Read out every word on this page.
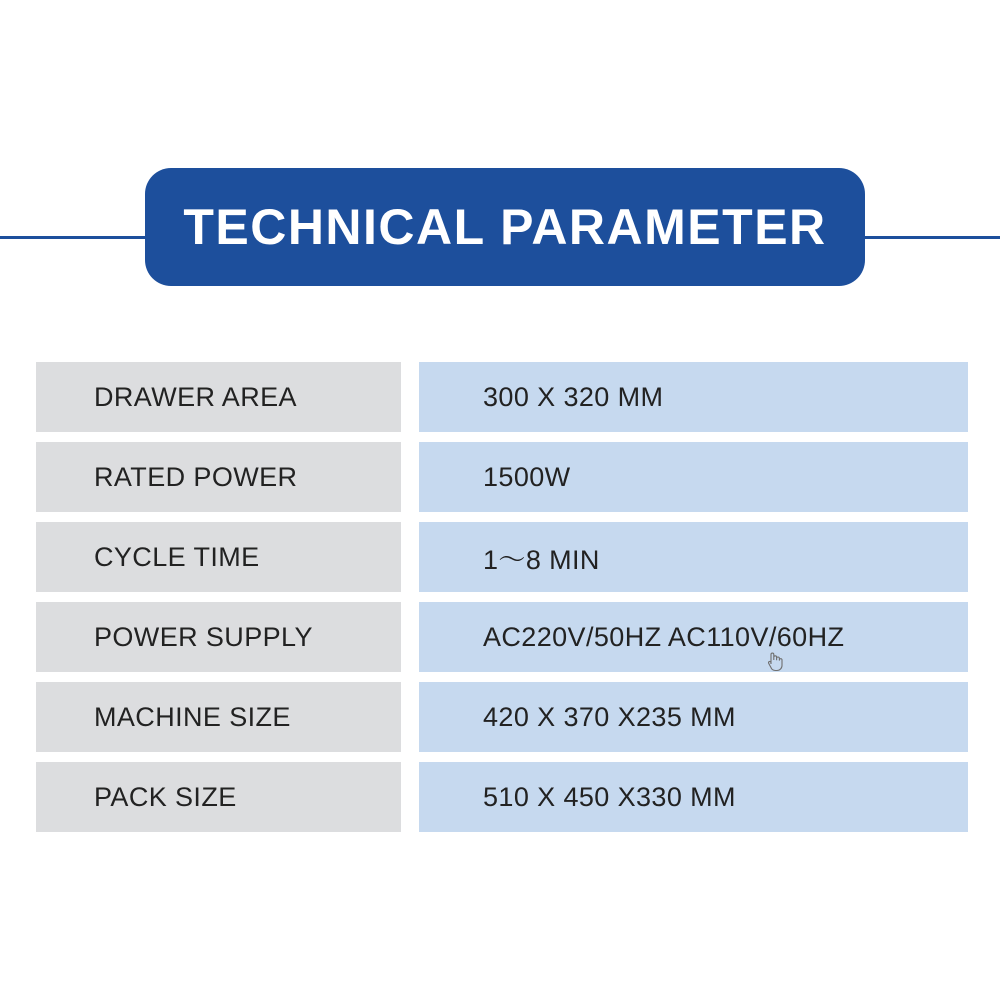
TECHNICAL PARAMETER
DRAWER AREA	300 X 320 MM
RATED POWER	1500W
CYCLE TIME	1〜8 MIN
POWER SUPPLY	AC220V/50HZ AC110V/60HZ
MACHINE SIZE	420 X 370 X235 MM
PACK SIZE	510 X 450 X330 MM
